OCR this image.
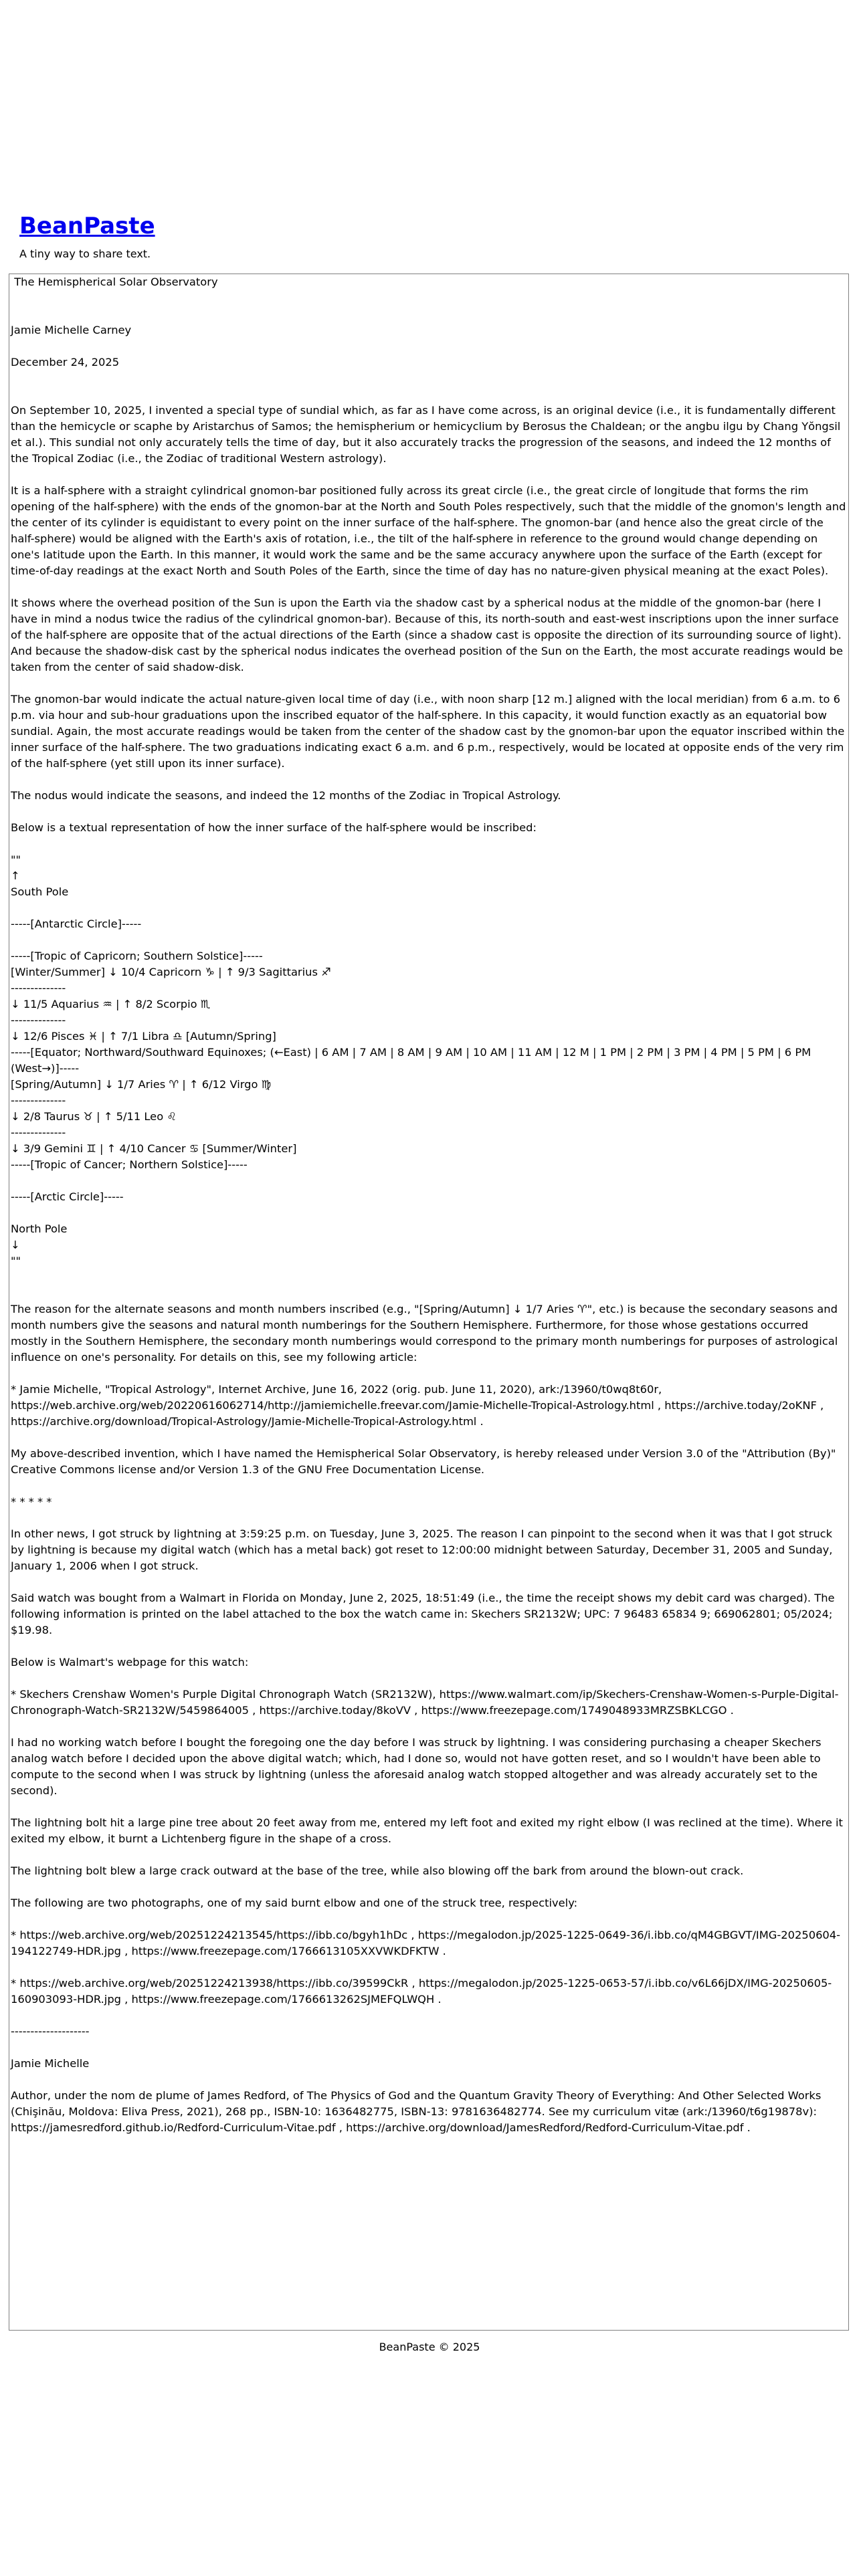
BeanPaste
A tiny way to share text.
The Hemispherical Solar Observatory

Jamie Michelle Carney

December 24, 2025

On September 10, 2025, I invented a special type of sundial which, as far as I have come across, is an original device (i.e., it is fundamentally different than the hemicycle or scaphe by Aristarchus of Samos; the hemispherium or hemicyclium by Berosus the Chaldean; or the angbu ilgu by Chang Yŏngsil et al.). This sundial not only accurately tells the time of day, but it also accurately tracks the progression of the seasons, and indeed the 12 months of the Tropical Zodiac (i.e., the Zodiac of traditional Western astrology).

It is a half-sphere with a straight cylindrical gnomon-bar positioned fully across its great circle (i.e., the great circle of longitude that forms the rim opening of the half-sphere) with the ends of the gnomon-bar at the North and South Poles respectively, such that the middle of the gnomon's length and the center of its cylinder is equidistant to every point on the inner surface of the half-sphere. The gnomon-bar (and hence also the great circle of the half-sphere) would be aligned with the Earth's axis of rotation, i.e., the tilt of the half-sphere in reference to the ground would change depending on one's latitude upon the Earth. In this manner, it would work the same and be the same accuracy anywhere upon the surface of the Earth (except for time-of-day readings at the exact North and South Poles of the Earth, since the time of day has no nature-given physical meaning at the exact Poles).

It shows where the overhead position of the Sun is upon the Earth via the shadow cast by a spherical nodus at the middle of the gnomon-bar (here I have in mind a nodus twice the radius of the cylindrical gnomon-bar). Because of this, its north-south and east-west inscriptions upon the inner surface of the half-sphere are opposite that of the actual directions of the Earth (since a shadow cast is opposite the direction of its surrounding source of light). And because the shadow-disk cast by the spherical nodus indicates the overhead position of the Sun on the Earth, the most accurate readings would be taken from the center of said shadow-disk.

The gnomon-bar would indicate the actual nature-given local time of day (i.e., with noon sharp [12 m.] aligned with the local meridian) from 6 a.m. to 6 p.m. via hour and sub-hour graduations upon the inscribed equator of the half-sphere. In this capacity, it would function exactly as an equatorial bow sundial. Again, the most accurate readings would be taken from the center of the shadow cast by the gnomon-bar upon the equator inscribed within the inner surface of the half-sphere. The two graduations indicating exact 6 a.m. and 6 p.m., respectively, would be located at opposite ends of the very rim of the half-sphere (yet still upon its inner surface).

The nodus would indicate the seasons, and indeed the 12 months of the Zodiac in Tropical Astrology.

Below is a textual representation of how the inner surface of the half-sphere would be inscribed:

""
↑
South Pole

-----[Antarctic Circle]-----

-----[Tropic of Capricorn; Southern Solstice]-----
[Winter/Summer] ↓ 10/4 Capricorn ♑ | ↑ 9/3 Sagittarius ♐
--------------
↓ 11/5 Aquarius ♒ | ↑ 8/2 Scorpio ♏
--------------
↓ 12/6 Pisces ♓ | ↑ 7/1 Libra ♎ [Autumn/Spring]
-----[Equator; Northward/Southward Equinoxes; (←East) | 6 AM | 7 AM | 8 AM | 9 AM | 10 AM | 11 AM | 12 M | 1 PM | 2 PM | 3 PM | 4 PM | 5 PM | 6 PM (West→)]-----
[Spring/Autumn] ↓ 1/7 Aries ♈ | ↑ 6/12 Virgo ♍
--------------
↓ 2/8 Taurus ♉ | ↑ 5/11 Leo ♌
--------------
↓ 3/9 Gemini ♊ | ↑ 4/10 Cancer ♋ [Summer/Winter]
-----[Tropic of Cancer; Northern Solstice]-----

-----[Arctic Circle]-----

North Pole
↓
""

The reason for the alternate seasons and month numbers inscribed (e.g., "[Spring/Autumn] ↓ 1/7 Aries ♈", etc.) is because the secondary seasons and month numbers give the seasons and natural month numberings for the Southern Hemisphere. Furthermore, for those whose gestations occurred mostly in the Southern Hemisphere, the secondary month numberings would correspond to the primary month numberings for purposes of astrological influence on one's personality. For details on this, see my following article:

* Jamie Michelle, "Tropical Astrology", Internet Archive, June 16, 2022 (orig. pub. June 11, 2020), ark:/13960/t0wq8t60r, https://web.archive.org/web/20220616062714/http://jamiemichelle.freevar.com/Jamie-Michelle-Tropical-Astrology.html , https://archive.today/2oKNF , https://archive.org/download/Tropical-Astrology/Jamie-Michelle-Tropical-Astrology.html .

My above-described invention, which I have named the Hemispherical Solar Observatory, is hereby released under Version 3.0 of the "Attribution (By)" Creative Commons license and/or Version 1.3 of the GNU Free Documentation License.

* * * * *

In other news, I got struck by lightning at 3:59:25 p.m. on Tuesday, June 3, 2025. The reason I can pinpoint to the second when it was that I got struck by lightning is because my digital watch (which has a metal back) got reset to 12:00:00 midnight between Saturday, December 31, 2005 and Sunday, January 1, 2006 when I got struck.

Said watch was bought from a Walmart in Florida on Monday, June 2, 2025, 18:51:49 (i.e., the time the receipt shows my debit card was charged). The following information is printed on the label attached to the box the watch came in: Skechers SR2132W; UPC: 7 96483 65834 9; 669062801; 05/2024; $19.98.

Below is Walmart's webpage for this watch:

* Skechers Crenshaw Women's Purple Digital Chronograph Watch (SR2132W), https://www.walmart.com/ip/Skechers-Crenshaw-Women-s-Purple-Digital-Chronograph-Watch-SR2132W/5459864005 , https://archive.today/8koVV , https://www.freezepage.com/1749048933MRZSBKLCGO .

I had no working watch before I bought the foregoing one the day before I was struck by lightning. I was considering purchasing a cheaper Skechers analog watch before I decided upon the above digital watch; which, had I done so, would not have gotten reset, and so I wouldn't have been able to compute to the second when I was struck by lightning (unless the aforesaid analog watch stopped altogether and was already accurately set to the second).

The lightning bolt hit a large pine tree about 20 feet away from me, entered my left foot and exited my right elbow (I was reclined at the time). Where it exited my elbow, it burnt a Lichtenberg figure in the shape of a cross.

The lightning bolt blew a large crack outward at the base of the tree, while also blowing off the bark from around the blown-out crack.

The following are two photographs, one of my said burnt elbow and one of the struck tree, respectively:

* https://web.archive.org/web/20251224213545/https://ibb.co/bgyh1hDc , https://megalodon.jp/2025-1225-0649-36/i.ibb.co/qM4GBGVT/IMG-20250604-194122749-HDR.jpg , https://www.freezepage.com/1766613105XXVWKDFKTW .

* https://web.archive.org/web/20251224213938/https://ibb.co/39599CkR , https://megalodon.jp/2025-1225-0653-57/i.ibb.co/v6L66jDX/IMG-20250605-160903093-HDR.jpg , https://www.freezepage.com/1766613262SJMEFQLWQH .

--------------------

Jamie Michelle

Author, under the nom de plume of James Redford, of The Physics of God and the Quantum Gravity Theory of Everything: And Other Selected Works (Chişinău, Moldova: Eliva Press, 2021), 268 pp., ISBN-10: 1636482775, ISBN-13: 9781636482774. See my curriculum vitæ (ark:/13960/t6g19878v): https://jamesredford.github.io/Redford-Curriculum-Vitae.pdf , https://archive.org/download/JamesRedford/Redford-Curriculum-Vitae.pdf .
BeanPaste © 2025
